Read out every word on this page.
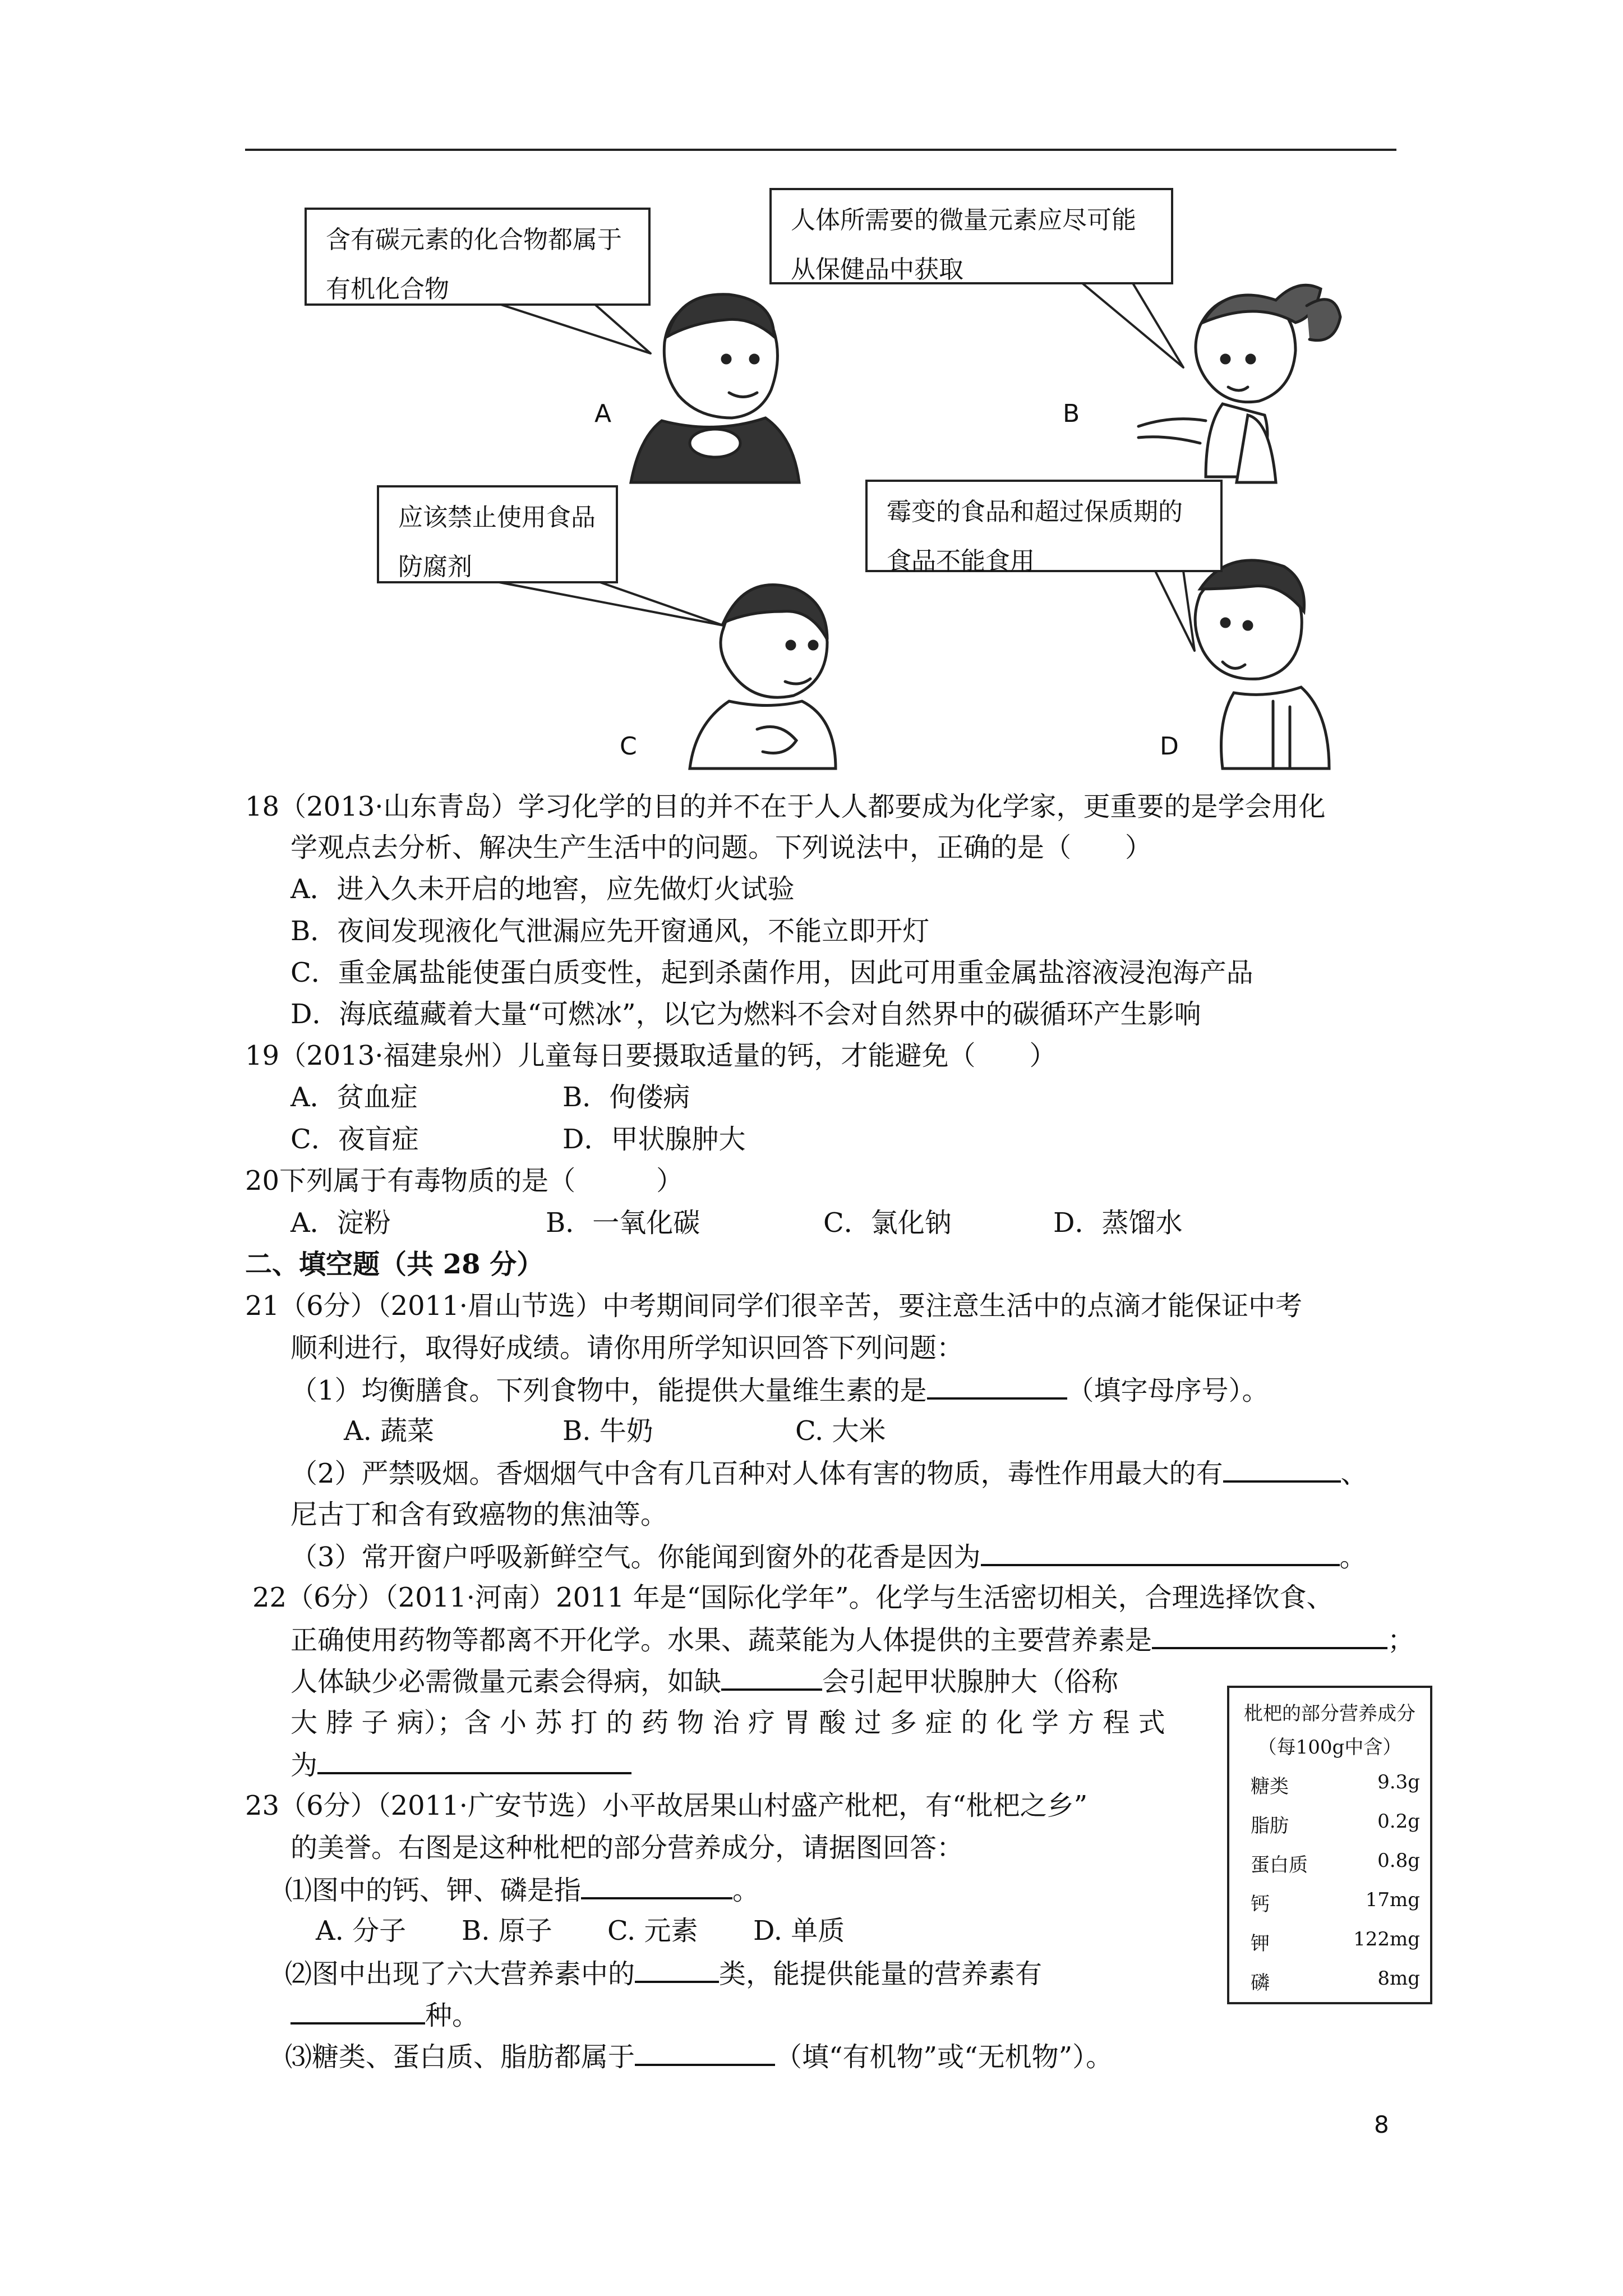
含有碳元素的化合物都属于
有机化合物
人体所需要的微量元素应尽可能
从保健品中获取
应该禁止使用食品
防腐剂
霉变的食品和超过保质期的
食品不能食用
A	B
C	D
18（2013·山东青岛）学习化学的目的并不在于人人都要成为化学家，更重要的是学会用化
学观点去分析、解决生产生活中的问题。下列说法中，正确的是（　　）
A．进入久未开启的地窖，应先做灯火试验
B．夜间发现液化气泄漏应先开窗通风，不能立即开灯
C．重金属盐能使蛋白质变性，起到杀菌作用，因此可用重金属盐溶液浸泡海产品
D．海底蕴藏着大量“可燃冰”，以它为燃料不会对自然界中的碳循环产生影响
19（2013·福建泉州）儿童每日要摄取适量的钙，才能避免（　　）
A．贫血症	B．佝偻病
C．夜盲症	D．甲状腺肿大
20下列属于有毒物质的是（　　　）
A．淀粉	B．一氧化碳	C．氯化钠	D．蒸馏水
二、填空题（共 28 分）
21（6分）（2011·眉山节选）中考期间同学们很辛苦，要注意生活中的点滴才能保证中考
顺利进行，取得好成绩。请你用所学知识回答下列问题：
（1）均衡膳食。下列食物中，能提供大量维生素的是	（填字母序号）。
A. 蔬菜	B. 牛奶	C. 大米
（2）严禁吸烟。香烟烟气中含有几百种对人体有害的物质，毒性作用最大的有	、
尼古丁和含有致癌物的焦油等。
（3）常开窗户呼吸新鲜空气。你能闻到窗外的花香是因为	。
22（6分）（2011·河南）2011 年是“国际化学年”。化学与生活密切相关，合理选择饮食、
正确使用药物等都离不开化学。水果、蔬菜能为人体提供的主要营养素是	；
人体缺少必需微量元素会得病，如缺	会引起甲状腺肿大（俗称
大 脖 子 病）；含 小 苏 打 的 药 物 治 疗 胃 酸 过 多 症 的 化 学 方 程 式
为
23（6分）（2011·广安节选）小平故居果山村盛产枇杷，有“枇杷之乡”
的美誉。右图是这种枇杷的部分营养成分，请据图回答：
⑴图中的钙、钾、磷是指	。
A. 分子 B. 原子 C. 元素 D. 单质
⑵图中出现了六大营养素中的	类，能提供能量的营养素有
种。
⑶糖类、蛋白质、脂肪都属于	（填“有机物”或“无机物”）。
枇杷的部分营养成分
（每100g中含）
糖类	9.3g
脂肪	0.2g
蛋白质	0.8g
钙	17mg
钾	122mg
磷	8mg
8
